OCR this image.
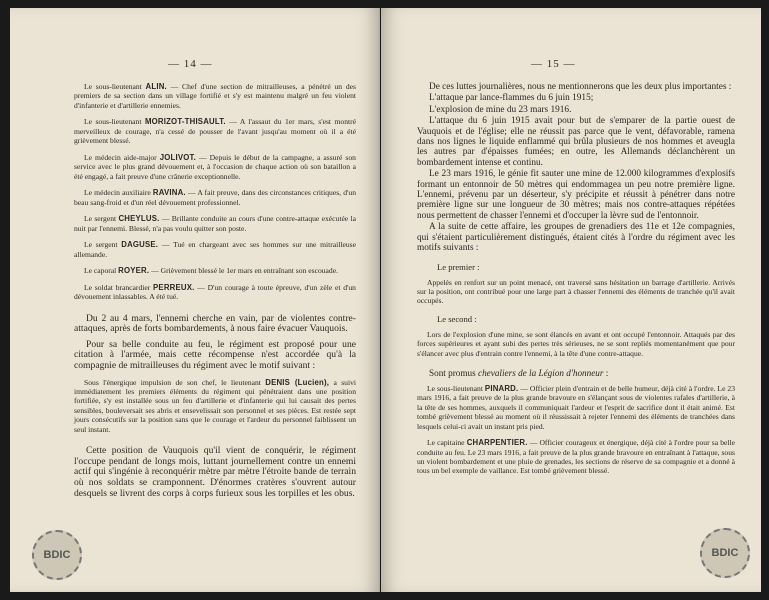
— 14 —

Le sous-lieutenant ALIN. — Chef d'une section de mitrailleuses, a pénétré un des premiers de sa section dans un village fortifié et s'y est maintenu malgré un feu violent d'infanterie et d'artillerie ennemies.

Le sous-lieutenant MORIZOT-THISAULT. — A l'assaut du 1er mars, s'est montré merveilleux de courage, n'a cessé de pousser de l'avant jusqu'au moment où il a été grièvement blessé.

Le médecin aide-major JOLIVOT. — Depuis le début de la campagne, a assuré son service avec le plus grand dévouement et, à l'occasion de chaque action où son bataillon a été engagé, a fait preuve d'une crânerie exceptionnelle.

Le médecin auxiliaire RAVINA. — A fait preuve, dans des circonstances critiques, d'un beau sang-froid et d'un réel dévouement professionnel.

Le sergent CHEYLUS. — Brillante conduite au cours d'une contre-attaque exécutée la nuit par l'ennemi. Blessé, n'a pas voulu quitter son poste.

Le sergent DAGUSE. — Tué en chargeant avec ses hommes sur une mitrailleuse allemande.

Le caporal ROYER. — Grièvement blessé le 1er mars en entraînant son escouade.

Le soldat brancardier PERREUX. — D'un courage à toute épreuve, d'un zèle et d'un dévouement inlassables. A été tué.

Du 2 au 4 mars, l'ennemi cherche en vain, par de violentes contre-attaques, après de forts bombardements, à nous faire évacuer Vauquois.

Pour sa belle conduite au feu, le régiment est proposé pour une citation à l'armée, mais cette récompense n'est accordée qu'à la compagnie de mitrailleuses du régiment avec le motif suivant :

Sous l'énergique impulsion de son chef, le lieutenant DENIS (Lucien), a suivi immédiatement les premiers éléments du régiment qui pénétraient dans une position fortifiée, s'y est installée sous un feu d'artillerie et d'infanterie qui lui causait des pertes sensibles, bouleversait ses abris et ensevelissait son personnel et ses pièces. Est restée sept jours consécutifs sur la position sans que le courage et l'ardeur du personnel faiblissent un seul instant.

Cette position de Vauquois qu'il vient de conquérir, le régiment l'occupe pendant de longs mois, luttant journellement contre un ennemi actif qui s'ingénie à reconquérir mètre par mètre l'étroite bande de terrain où nos soldats se cramponnent. D'énormes cratères s'ouvrent autour desquels se livrent des corps à corps furieux sous les torpilles et les obus.

BDIC
— 15 —

De ces luttes journalières, nous ne mentionnerons que les deux plus importantes :

L'attaque par lance-flammes du 6 juin 1915;

L'explosion de mine du 23 mars 1916.

L'attaque du 6 juin 1915 avait pour but de s'emparer de la partie ouest de Vauquois et de l'église; elle ne réussit pas parce que le vent, défavorable, ramena dans nos lignes le liquide enflammé qui brûla plusieurs de nos hommes et aveugla les autres par d'épaisses fumées; en outre, les Allemands déclanchèrent un bombardement intense et continu.

Le 23 mars 1916, le génie fit sauter une mine de 12.000 kilogrammes d'explosifs formant un entonnoir de 50 mètres qui endommagea un peu notre première ligne. L'ennemi, prévenu par un déserteur, s'y précipite et réussit à pénétrer dans notre première ligne sur une longueur de 30 mètres; mais nos contre-attaques répétées nous permettent de chasser l'ennemi et d'occuper la lèvre sud de l'entonnoir.

A la suite de cette affaire, les groupes de grenadiers des 11e et 12e compagnies, qui s'étaient particulièrement distingués, étaient cités à l'ordre du régiment avec les motifs suivants :

Le premier :

Appelés en renfort sur un point menacé, ont traversé sans hésitation un barrage d'artillerie. Arrivés sur la position, ont contribué pour une large part à chasser l'ennemi des éléments de tranchée qu'il avait occupés.

Le second :

Lors de l'explosion d'une mine, se sont élancés en avant et ont occupé l'entonnoir. Attaqués par des forces supérieures et ayant subi des pertes très sérieuses, ne se sont repliés momentanément que pour s'élancer avec plus d'entrain contre l'ennemi, à la tête d'une contre-attaque.

Sont promus chevaliers de la Légion d'honneur :

Le sous-lieutenant PINARD. — Officier plein d'entrain et de belle humeur, déjà cité à l'ordre. Le 23 mars 1916, a fait preuve de la plus grande bravoure en s'élançant sous de violentes rafales d'artillerie, à la tête de ses hommes, auxquels il communiquait l'ardeur et l'esprit de sacrifice dont il était animé. Est tombé grièvement blessé au moment où il réussissait à rejeter l'ennemi des éléments de tranchées dans lesquels celui-ci avait un instant pris pied.

Le capitaine CHARPENTIER. — Officier courageux et énergique, déjà cité à l'ordre pour sa belle conduite au feu. Le 23 mars 1916, a fait preuve de la plus grande bravoure en entraînant à l'attaque, sous un violent bombardement et une pluie de grenades, les sections de réserve de sa compagnie et a donné à tous un bel exemple de vaillance. Est tombé grièvement blessé.

BDIC
